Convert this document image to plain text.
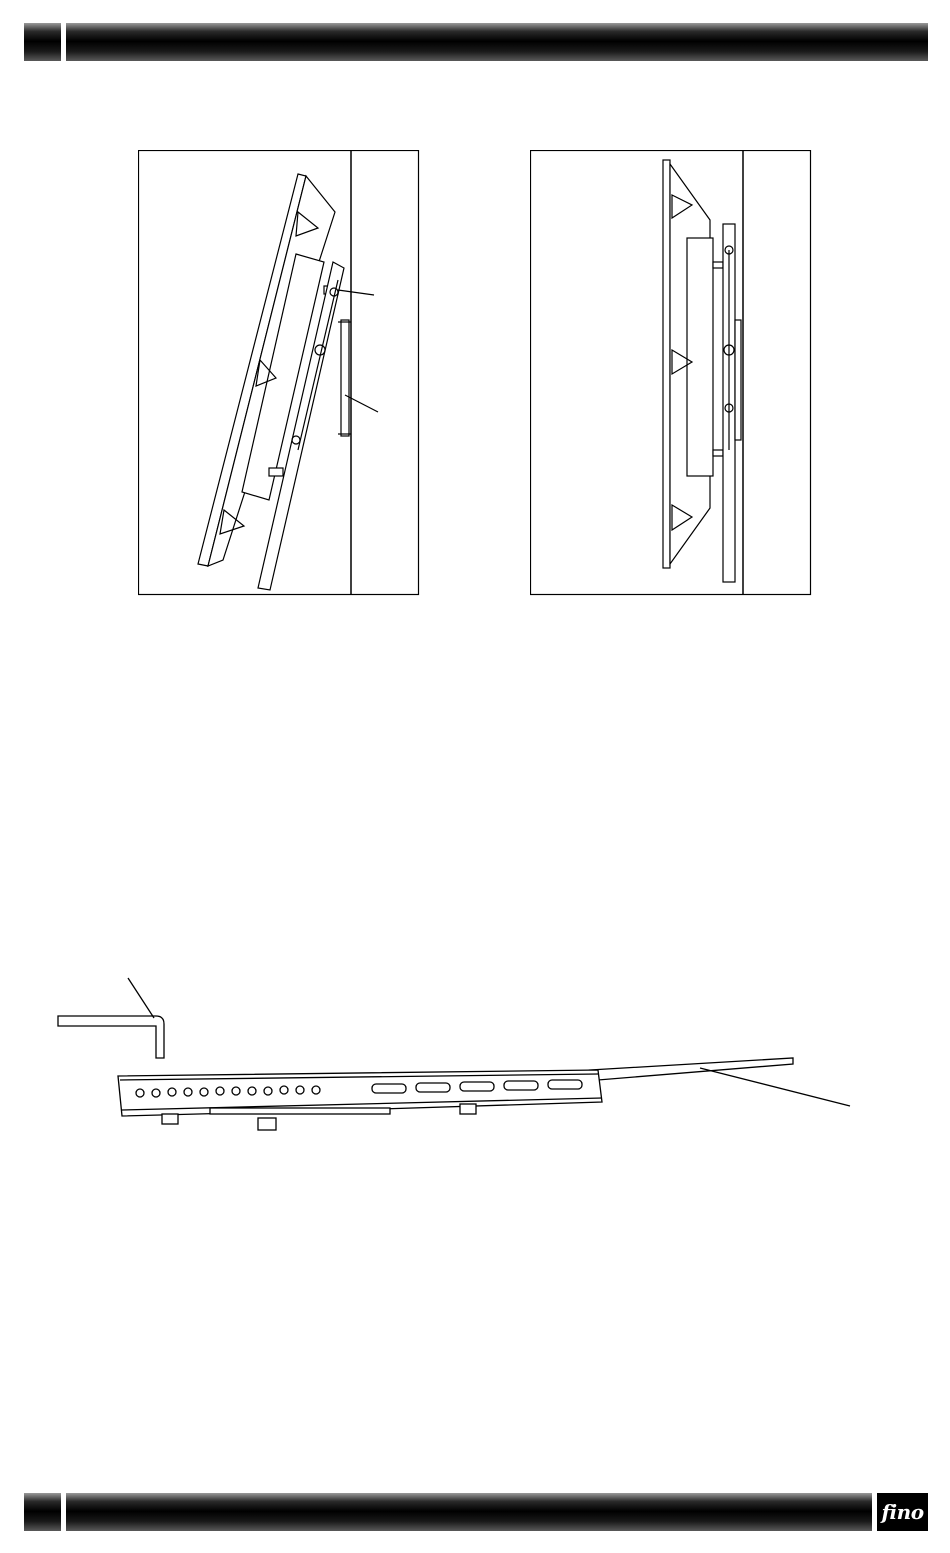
fino
